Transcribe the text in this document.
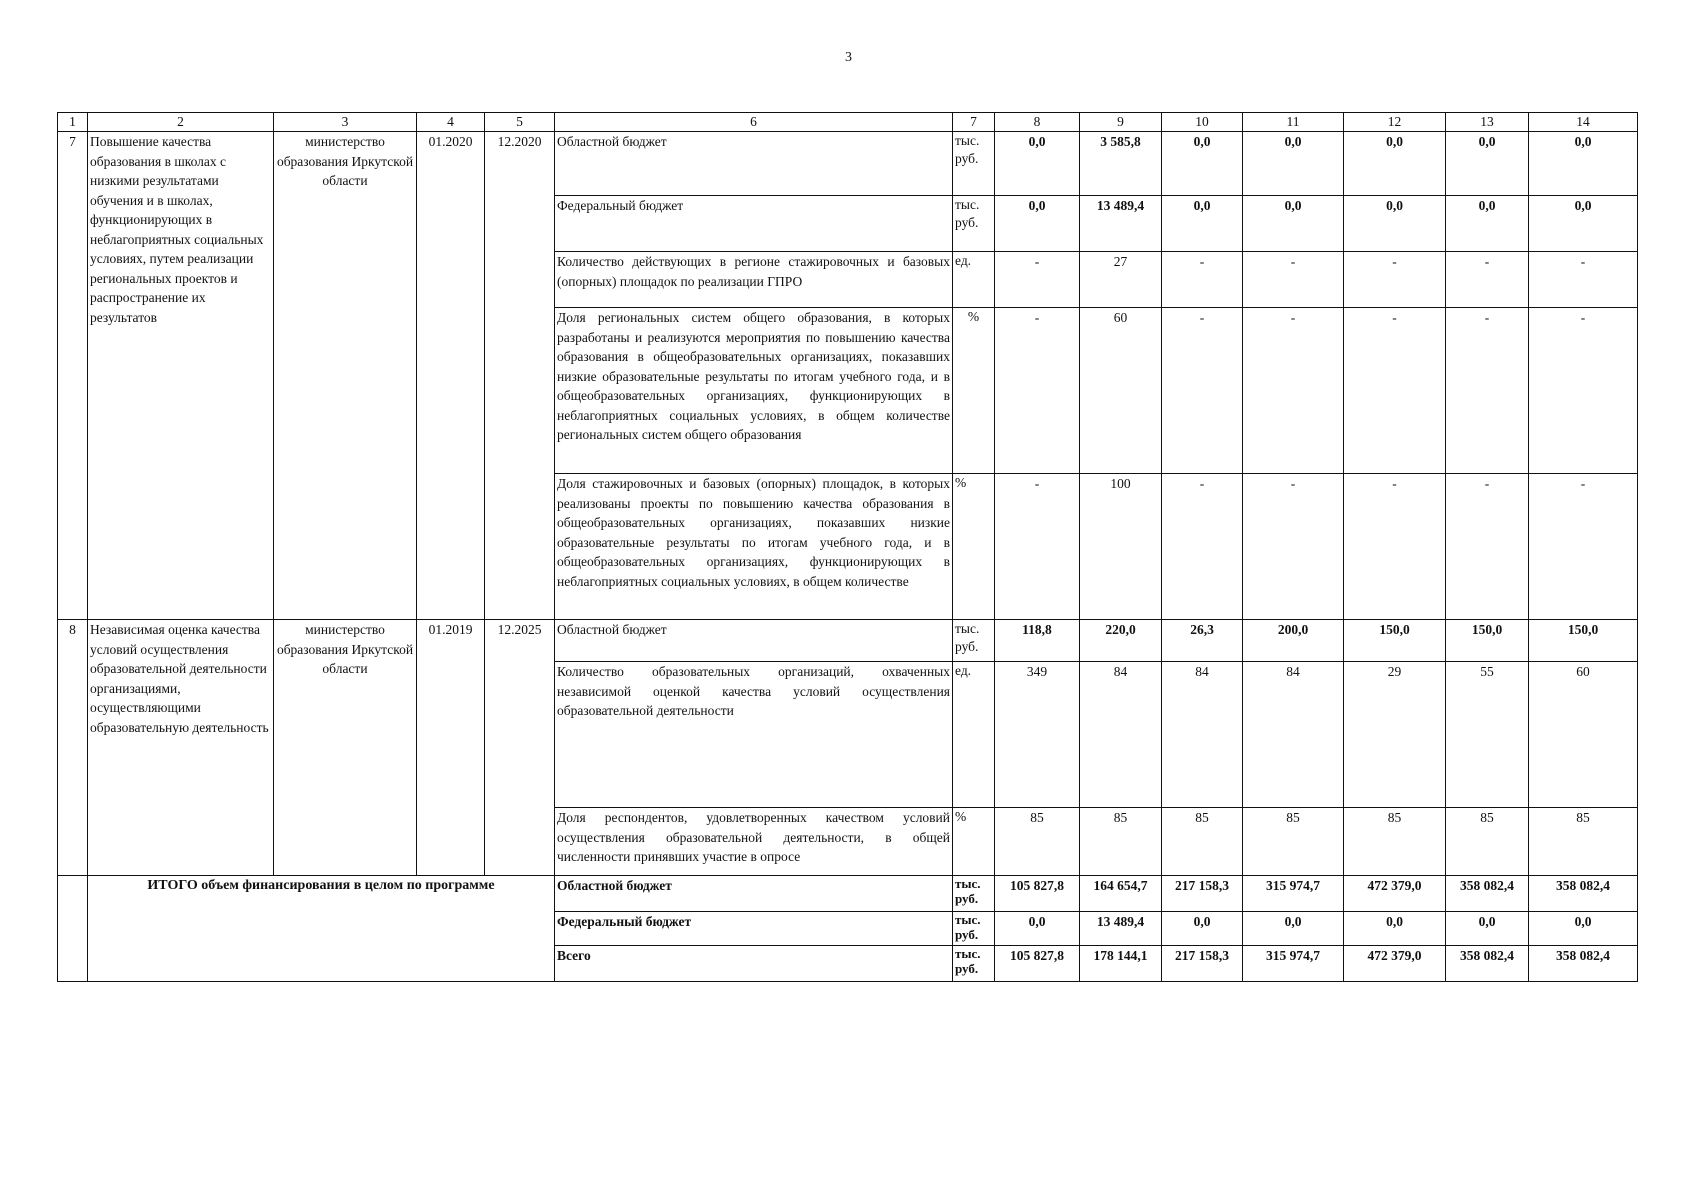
3
1	2	3	4	5	6	7	8	9	10	11	12	13	14
7	Повышение качества образования в школах с низкими результатами обучения и в школах, функционирующих в неблагоприятных социальных условиях, путем реализации региональных проектов и распространение их результатов	министерство образования Иркутской области	01.2020	12.2020	Областной бюджет	тыс. руб.	0,0	3 585,8	0,0	0,0	0,0	0,0	0,0
					Федеральный бюджет	тыс. руб.	0,0	13 489,4	0,0	0,0	0,0	0,0	0,0
					Количество действующих в регионе стажировочных и базовых (опорных) площадок по реализации ГПРО	ед.	-	27	-	-	-	-	-
					Доля региональных систем общего образования, в которых разработаны и реализуются мероприятия по повышению качества образования в общеобразовательных организациях, показавших низкие образовательные результаты по итогам учебного года, и в общеобразовательных организациях, функционирующих в неблагоприятных социальных условиях, в общем количестве региональных систем общего образования	%	-	60	-	-	-	-	-
					Доля стажировочных и базовых (опорных) площадок, в которых реализованы проекты по повышению качества образования в общеобразовательных организациях, показавших низкие образовательные результаты по итогам учебного года, и в общеобразовательных организациях, функционирующих в неблагоприятных социальных условиях, в общем количестве	%	-	100	-	-	-	-	-
8	Независимая оценка качества условий осуществления образовательной деятельности организациями, осуществляющими образовательную деятельность	министерство образования Иркутской области	01.2019	12.2025	Областной бюджет	тыс. руб.	118,8	220,0	26,3	200,0	150,0	150,0	150,0
					Количество образовательных организаций, охваченных независимой оценкой качества условий осуществления образовательной деятельности	ед.	349	84	84	84	29	55	60
					Доля респондентов, удовлетворенных качеством условий осуществления образовательной деятельности, в общей численности принявших участие в опросе	%	85	85	85	85	85	85	85
	ИТОГО объем финансирования в целом по программе				Областной бюджет	тыс. руб.	105 827,8	164 654,7	217 158,3	315 974,7	472 379,0	358 082,4	358 082,4
					Федеральный бюджет	тыс. руб.	0,0	13 489,4	0,0	0,0	0,0	0,0	0,0
					Всего	тыс. руб.	105 827,8	178 144,1	217 158,3	315 974,7	472 379,0	358 082,4	358 082,4
